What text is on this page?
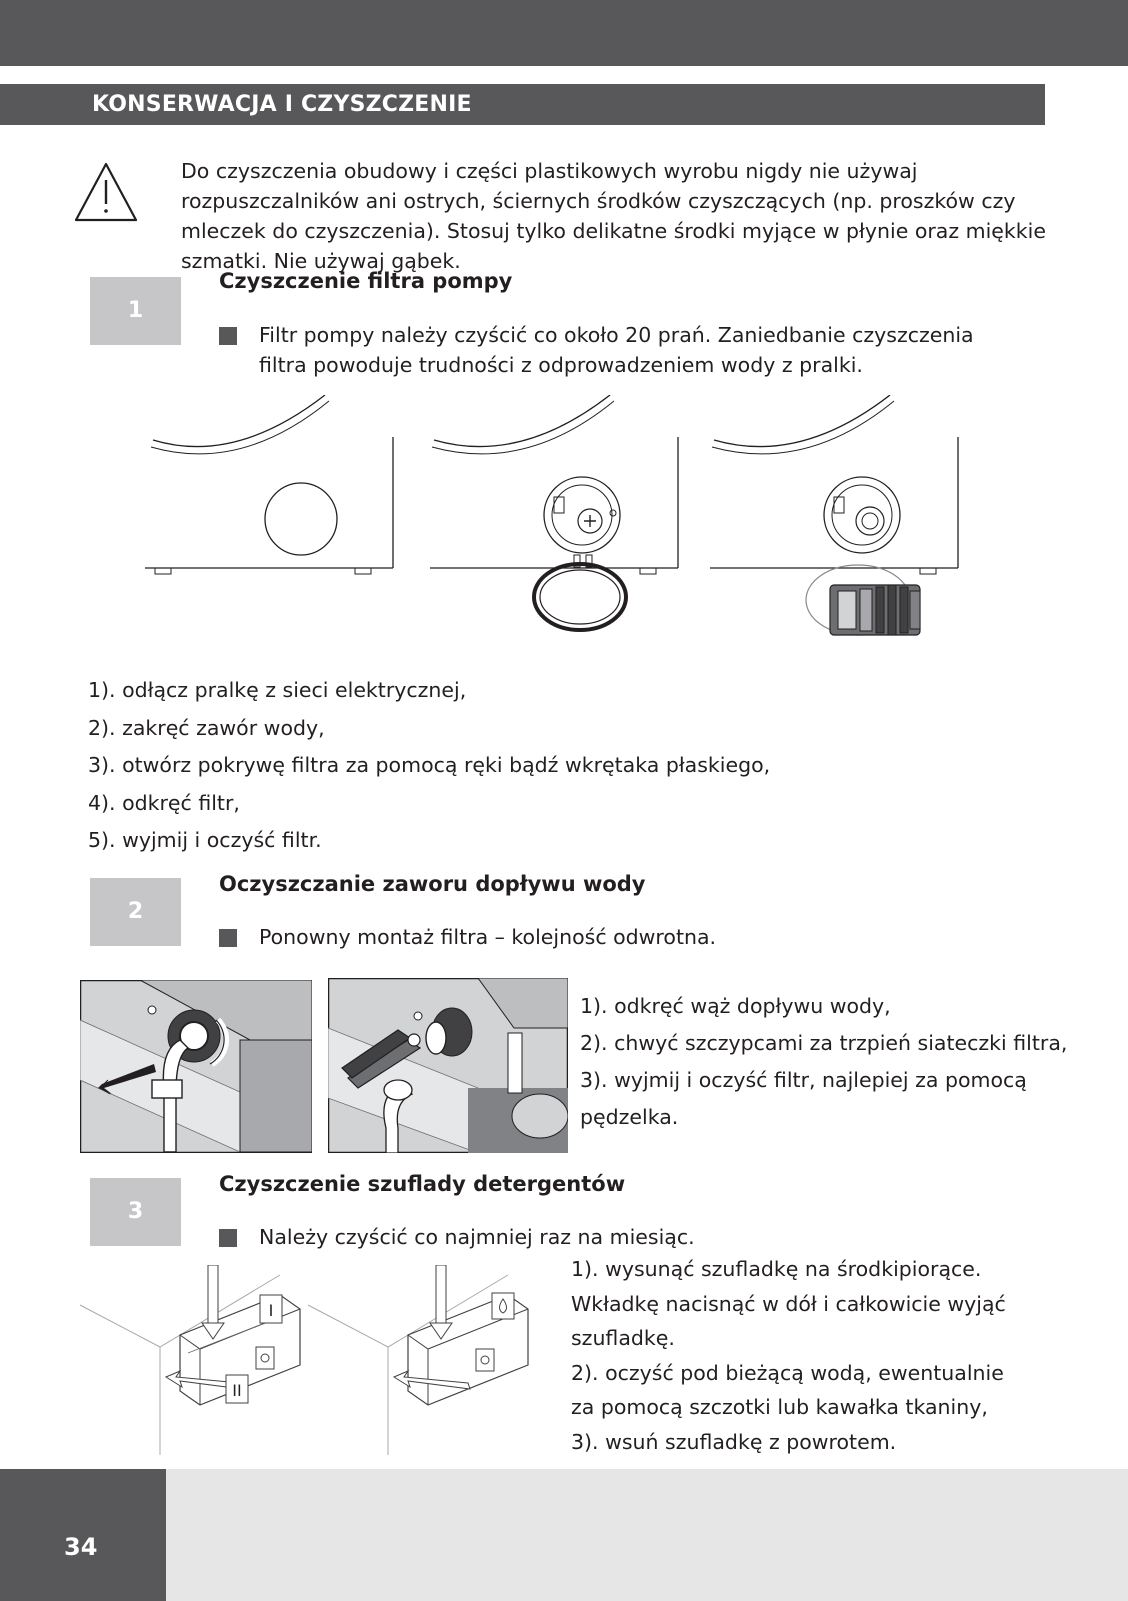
KONSERWACJA I CZYSZCZENIE
Do czyszczenia obudowy i części plastikowych wyrobu nigdy nie używaj rozpuszczalników ani ostrych, ściernych środków czyszczących (np. proszków czy mleczek do czyszczenia). Stosuj tylko delikatne środki myjące w płynie oraz miękkie szmatki. Nie używaj gąbek.
1
Czyszczenie filtra pompy
Filtr pompy należy czyścić co około 20 prań. Zaniedbanie czyszczenia filtra powoduje trudności z odprowadzeniem wody z pralki.
1). odłącz pralkę z sieci elektrycznej,
2). zakręć zawór wody,
3). otwórz pokrywę filtra za pomocą ręki bądź wkrętaka płaskiego,
4). odkręć filtr,
5). wyjmij i oczyść filtr.
2
Oczyszczanie zaworu dopływu wody
Ponowny montaż filtra – kolejność odwrotna.
1). odkręć wąż dopływu wody,
2). chwyć szczypcami za trzpień siateczki filtra,
3). wyjmij i oczyść filtr, najlepiej za pomocą
pędzelka.
3
Czyszczenie szuflady detergentów
Należy czyścić co najmniej raz na miesiąc.
I
II
1). wysunąć szufladkę na środkipiorące.
Wkładkę nacisnąć w dół i całkowicie wyjąć
szufladkę.
2). oczyść pod bieżącą wodą, ewentualnie
za pomocą szczotki lub kawałka tkaniny,
3). wsuń szufladkę z powrotem.
34
